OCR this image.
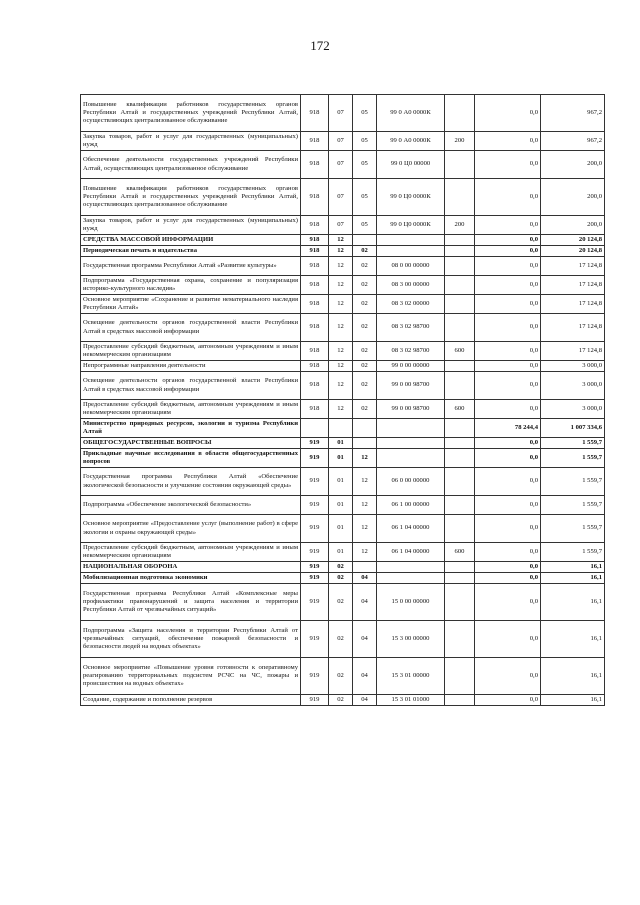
172
Повышение квалификации работников государственных органов Республики Алтай и государственных учреждений Республики Алтай, осуществляющих централизованное обслуживание	918	07	05	99 0 А0 0000К		0,0	967,2
Закупка товаров, работ и услуг для государственных (муниципальных) нужд	918	07	05	99 0 А0 0000К	200	0,0	967,2
Обеспечение деятельности государственных учреждений Республики Алтай, осуществляющих централизованное обслуживание	918	07	05	99 0 Ц0 00000		0,0	200,0
Повышение квалификации работников государственных органов Республики Алтай и государственных учреждений Республики Алтай, осуществляющих централизованное обслуживание	918	07	05	99 0 Ц0 0000К		0,0	200,0
Закупка товаров, работ и услуг для государственных (муниципальных) нужд	918	07	05	99 0 Ц0 0000К	200	0,0	200,0
СРЕДСТВА МАССОВОЙ ИНФОРМАЦИИ	918	12				0,0	20 124,8
Периодическая печать и издательства	918	12	02			0,0	20 124,8
Государственная программа Республики Алтай «Развитие культуры»	918	12	02	08 0 00 00000		0,0	17 124,8
Подпрограмма «Государственная охрана, сохранение и популяризация историко-культурного наследия»	918	12	02	08 3 00 00000		0,0	17 124,8
Основное мероприятие «Сохранение и развитие нематериального наследия Республики Алтай»	918	12	02	08 3 02 00000		0,0	17 124,8
Освещение деятельности органов государственной власти Республики Алтай в средствах массовой информации	918	12	02	08 3 02 98700		0,0	17 124,8
Предоставление субсидий бюджетным, автономным учреждениям и иным некоммерческим организациям	918	12	02	08 3 02 98700	600	0,0	17 124,8
Непрограммные направления деятельности	918	12	02	99 0 00 00000		0,0	3 000,0
Освещение деятельности органов государственной власти Республики Алтай в средствах массовой информации	918	12	02	99 0 00 98700		0,0	3 000,0
Предоставление субсидий бюджетным, автономным учреждениям и иным некоммерческим организациям	918	12	02	99 0 00 98700	600	0,0	3 000,0
Министерство природных ресурсов, экологии и туризма Республики Алтай						78 244,4	1 007 334,6
ОБЩЕГОСУДАРСТВЕННЫЕ ВОПРОСЫ	919	01				0,0	1 559,7
Прикладные научные исследования в области общегосударственных вопросов	919	01	12			0,0	1 559,7
Государственная программа Республики Алтай «Обеспечение экологической безопасности и улучшение состояния окружающей среды»	919	01	12	06 0 00 00000		0,0	1 559,7
Подпрограмма «Обеспечение экологической безопасности»	919	01	12	06 1 00 00000		0,0	1 559,7
Основное мероприятие «Предоставление услуг (выполнение работ) в сфере экологии и охраны окружающей среды»	919	01	12	06 1 04 00000		0,0	1 559,7
Предоставление субсидий бюджетным, автономным учреждениям и иным некоммерческим организациям	919	01	12	06 1 04 00000	600	0,0	1 559,7
НАЦИОНАЛЬНАЯ ОБОРОНА	919	02				0,0	16,1
Мобилизационная подготовка экономики	919	02	04			0,0	16,1
Государственная программа Республики Алтай «Комплексные меры профилактики правонарушений и защита населения и территории Республики Алтай от чрезвычайных ситуаций»	919	02	04	15 0 00 00000		0,0	16,1
Подпрограмма «Защита населения и территории Республики Алтай от чрезвычайных ситуаций, обеспечение пожарной безопасности и безопасности людей на водных объектах»	919	02	04	15 3 00 00000		0,0	16,1
Основное мероприятие «Повышение уровня готовности к оперативному реагированию территориальных подсистем РСЧС на ЧС, пожары и происшествия на водных объектах»	919	02	04	15 3 01 00000		0,0	16,1
Создание, содержание и пополнение резервов	919	02	04	15 3 01 01000		0,0	16,1
